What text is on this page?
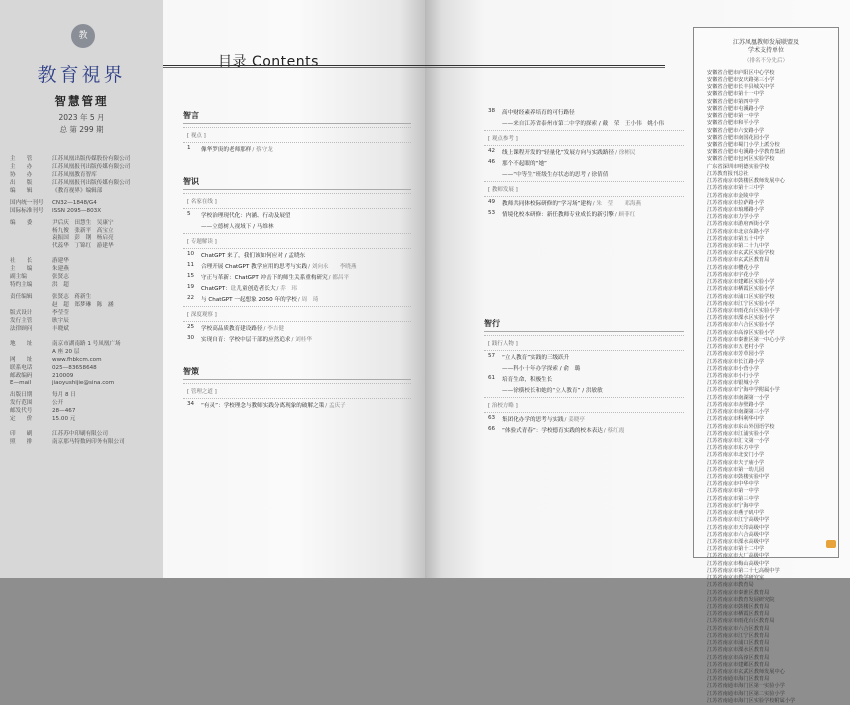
教
教育視界
智慧管理
2023 年 5 月
总 第 299 期
主　　管	江苏凤凰出版传媒股份有限公司
主　　办	江苏凤凰报刊出版传媒有限公司
协　　办	江苏凤凰教育智库
出　　版	江苏凤凰报刊出版传媒有限公司
编　　辑	《教育视界》编辑部
国内统一刊号	CN32—1848/G4
国际标准刊号	ISSN 2095—803X
编　　委	尹后庆　田慧生　吴康宁
杨九俊　张新平　高宝立
袁振国　彭　钢　杨启亮
代蕊华　丁锦红　游建华
社　　长	游建华
主　　编	朱建燕
副主编	张贤志
特约主编	洪　超
责任编辑	张贤志　蒋新生
赵　超　郑梦琳　陈　涵
版式设计	李莹莹
发行主管	耿宇辰
法律顾问	丰晓斌
地　　址	南京市湖南路 1 号凤凰广场
A 座 20 层
网　　址	www.fhbkcm.com
联系电话	025—83658648
邮政编码	210009
E—mail	jiaoyushijie@sina.com
出版日期	每月 8 日
发行范围	公开
邮发代号	28—467
定　　价	15.00 元
印　　刷	江苏苏中印刷有限公司
照　　排	南京那马特数码印务有限公司
目录 Contents
智言
[ 视点 ]
1	像华罗庚的老师那样 / 蔡守龙
智识
[ 名家在线 ]
5	学校治理现代化：内涵、行动及展望
——立德树人视域下 / 马维林
[ 专题解读 ]
10	ChatGPT 来了，我们该如何应对 / 孟晓东
11	合理开展 ChatGPT 教学应用的思考与实践 / 刘向永　　李晓燕
15	守正与革新：ChatGPT 冲击下的师生关系重构研究 / 都昌平
19	ChatGPT：让儿童创造者长大 / 乔　玮
22	与 ChatGPT 一起想象 2050 年的学校 / 周　琦
[ 深度观察 ]
25	学校高品质教育建设路径 / 李吉健
30	实现自育：学校中层干部的应然追求 / 刘桂华
智策
[ 管理之道 ]
34	“有灵”：学校理念与教师实践分离现象的破解之策 / 孟庆子
38	高中财经素养培育的可行路径
——来自江苏省泰州市第二中学的探索 / 戴　荣　王小伟　姚小伟
[ 观点参考 ]
42	线上课程开发的“轻量化”发展方向与实践路径 / 徐彬民
46	那个不起眼的“她”
——“中等生”班级生存状态的思考 / 徐倩倩
[ 教师发展 ]
49	教师共同体校际研修的“学习场”建构 / 朱　莹　　邓海燕
53	情境化校本研修：新任教师专业成长的新引擎 / 顾菲红
智行
[ 践行人物 ]
57	“立人教育”实践的三级跃升
——科小十年办学探索 / 俞　璐
61	培育生命，积极生长
——徐横校长和她的“立人教育” / 洪敏敏
[ 治校方略 ]
63	集团化办学的思考与实践 / 姜晓亭
66	“体验式青春”：学校德育实践的校本表达 / 蔡红霞
江苏凤凰教师发展联盟及
学术支持单位
（排名不分先后）
安徽省合肥市庐阳区中心学校
安徽省合肥市安庆路第三小学
安徽省合肥市长丰县城关中学
安徽省合肥市第十一中学
安徽省合肥市第四中学
安徽省合肥市屯溪路小学
安徽省合肥市第一中学
安徽省合肥市和平小学
安徽省合肥市六安路小学
安徽省合肥市南国花园小学
安徽省合肥市蜀门小学上派分校
安徽省合肥市屯溪路小学教育集团
安徽省合肥市包河区实验学校
广东省深圳市明德实验学校
江苏教育报刊总社
江苏省南京市鼓楼区教师发展中心
江苏省南京市第十三中学
江苏省南京市金陵中学
江苏省南京市拉萨路小学
江苏省南京市琅琊路小学
江苏省南京市力学小学
江苏省南京市游府西街小学
江苏省南京市北京东路小学
江苏省南京市第五十中学
江苏省南京市第二十九中学
江苏省南京市玄武区实验学校
江苏省南京市玄武区教育局
江苏省南京市樱花小学
江苏省南京市宇花小学
江苏省南京市建邺区实验小学
江苏省南京市栖霞区实验小学
江苏省南京市浦口区实验学校
江苏省南京市江宁区实验小学
江苏省南京市雨花台区实验小学
江苏省南京市溧水区实验小学
江苏省南京市六合区实验小学
江苏省南京市高淳区实验小学
江苏省南京市秦淮区第一中心小学
江苏省南京市五老村小学
江苏省南京市芳草园小学
江苏省南京市长江路小学
江苏省南京市小营小学
江苏省南京市小行小学
江苏省南京市银城小学
江苏省南京市宁海中学附属小学
江苏省南京市南湖第一小学
江苏省南京市赤壁路小学
江苏省南京市南湖第三小学
江苏省南京市科利华中学
江苏省南京市东山外国语学校
江苏省南京市江浦实验小学
江苏省南京市汇文第一小学
江苏省南京市东方中学
江苏省南京市北安门小学
江苏省南京市夫子庙小学
江苏省南京市第一幼儿园
江苏省南京市鼓楼实验中学
江苏省南京市中华中学
江苏省南京市第一中学
江苏省南京市第三中学
江苏省南京市宁海中学
江苏省南京市燕子矶中学
江苏省南京市江宁高级中学
江苏省南京市天印高级中学
江苏省南京市六合高级中学
江苏省南京市溧水高级中学
江苏省南京市第十二中学
江苏省南京市大厂高级中学
江苏省南京市梅山高级中学
江苏省南京市第二十七高级中学
江苏省南京市教学研究室
江苏省南京市教育局
江苏省南京市秦淮区教育局
江苏省南京市教育发展研究院
江苏省南京市鼓楼区教育局
江苏省南京市栖霞区教育局
江苏省南京市雨花台区教育局
江苏省南京市六合区教育局
江苏省南京市江宁区教育局
江苏省南京市浦口区教育局
江苏省南京市溧水区教育局
江苏省南京市高淳区教育局
江苏省南京市建邺区教育局
江苏省南京市玄武区教师发展中心
江苏省南通市海门区教育局
江苏省南通市海门区第一实验小学
江苏省南通市海门区第二实验小学
江苏省南通市海门区实验学校附属小学
